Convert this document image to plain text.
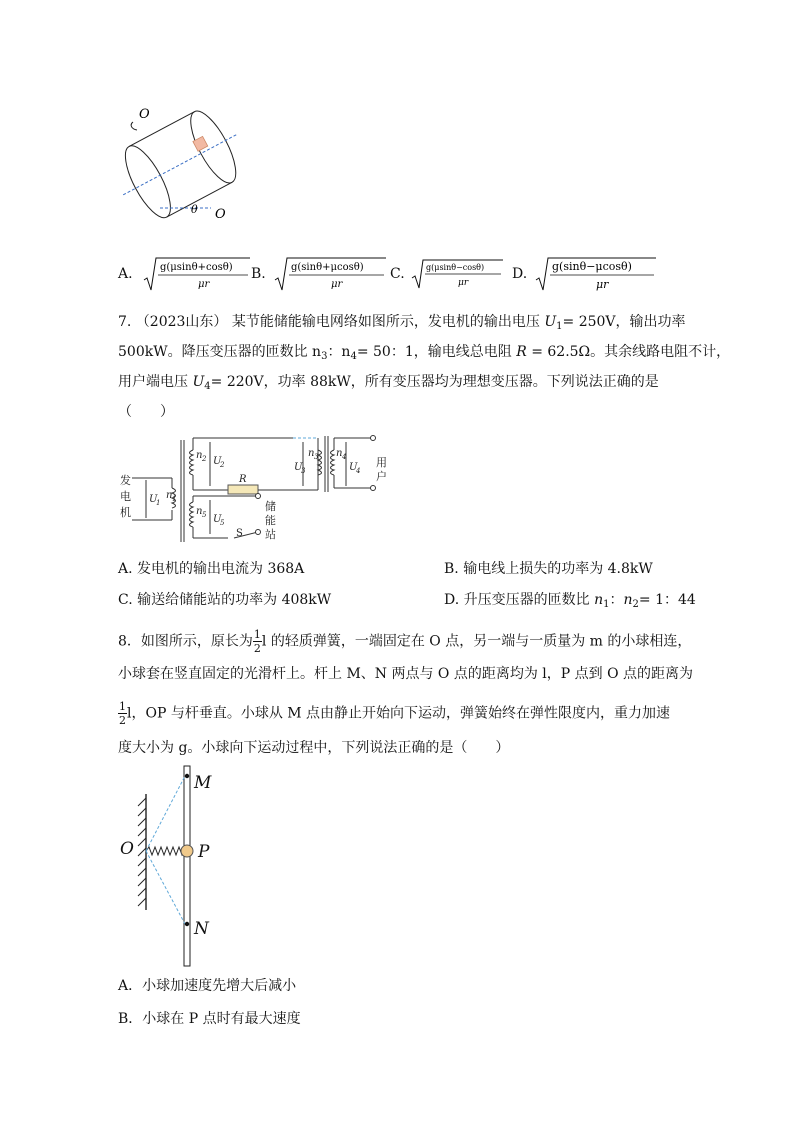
O
θ O
A.	g(μsinθ+cosθ)
μr
B.	g(sinθ+μcosθ)
μr
C.	g(μsinθ−cosθ)
μr
D. g(sinθ−μcosθ)
μr
7. （2023山东） 某节能储能输电网络如图所示，发电机的输出电压 $U_1= 250V$，输出功率
500kW。降压变压器的匝数比 $n_3$：$n_4= 50$：1，输电线总电阻 R = 62.5Ω。其余线路电阻不计，
用户端电压 $U_4= 220V$，功率 88kW，所有变压器均为理想变压器。下列说法正确的是
（　　）
发
电
机
用
户
储
能
站
U
1
n 1
n 2 U
2	U
3
n 3 n 4
U
4
n 5 U
5
R
S
A. 发电机的输出电流为 368A	B. 输电线上损失的功率为 4.8kW
C. 输送给储能站的功率为 408kW	D. 升压变压器的匝数比 $n_1$：$n_2= 1$：44
8．如图所示，原长为 $\frac{1}{2}$ l 的轻质弹簧，一端固定在 O 点，另一端与一质量为 m 的小球相连，
小球套在竖直固定的光滑杆上。杆上 M、N 两点与 O 点的距离均为 l，P 点到 O 点的距离为
$\frac{1}{2}$ l，OP 与杆垂直。小球从 M 点由静止开始向下运动，弹簧始终在弹性限度内，重力加速
度大小为 g。小球向下运动过程中，下列说法正确的是（　　）
M
N
O	P
A．小球加速度先增大后减小
B．小球在 P 点时有最大速度
